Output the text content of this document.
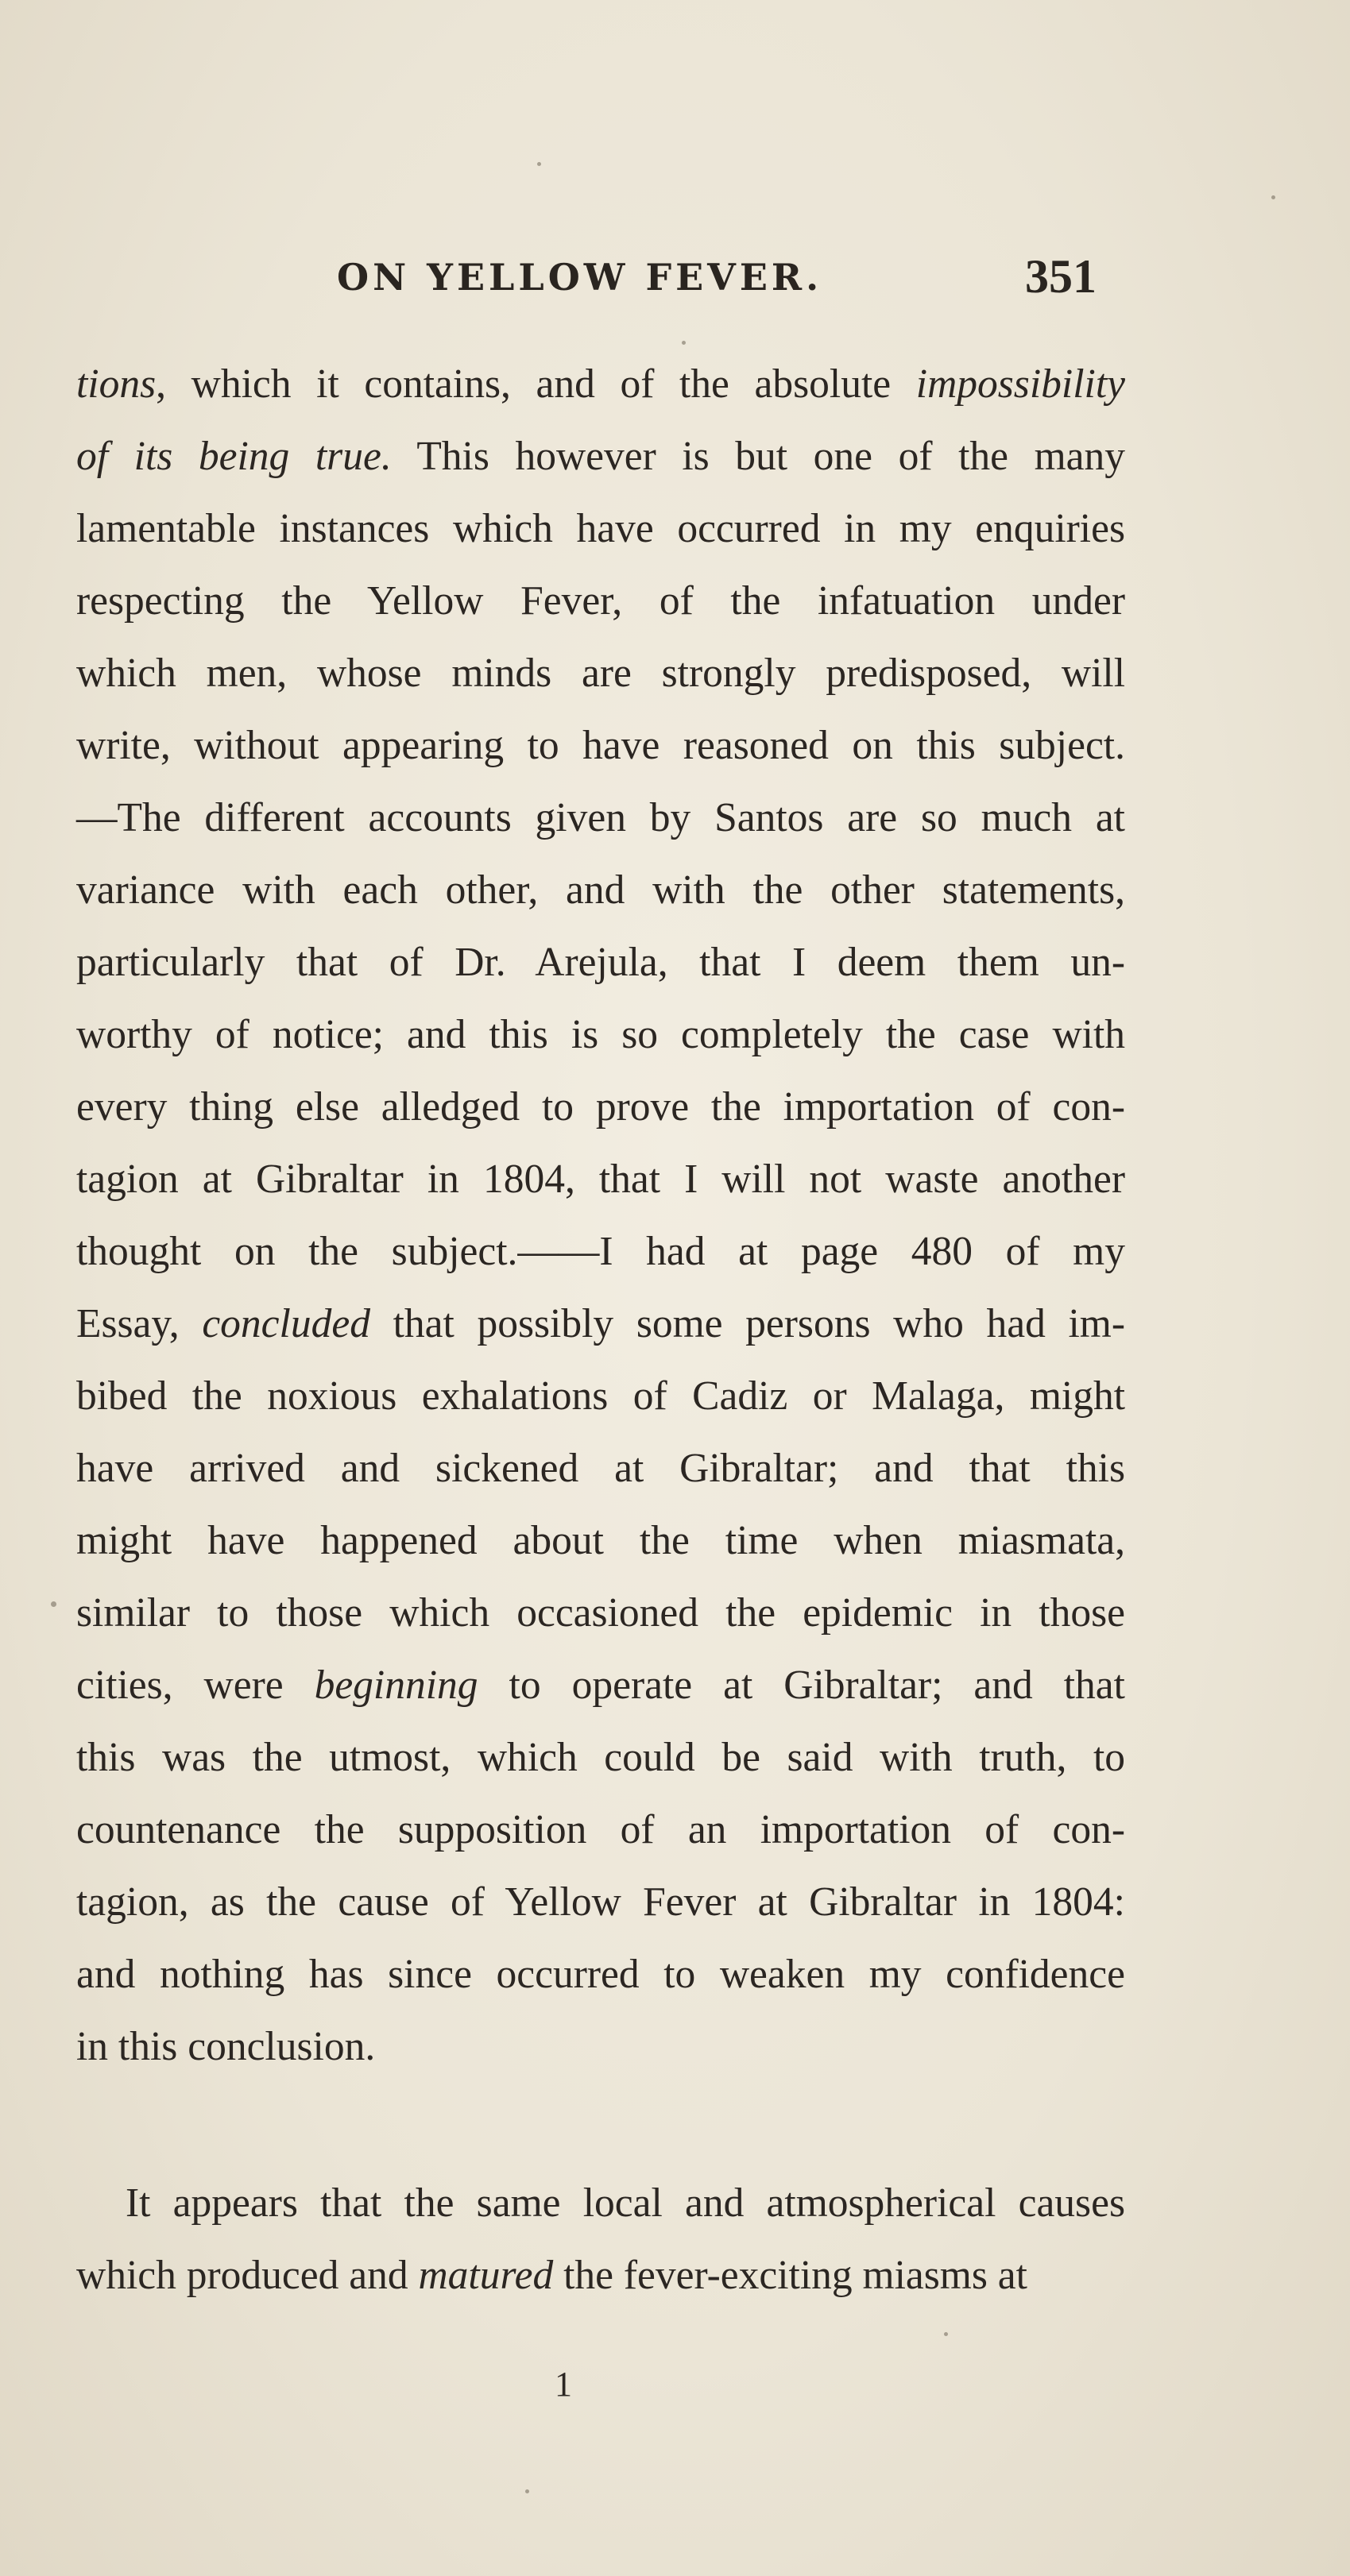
ON YELLOW FEVER.	351
tions, which it contains, and of the absolute impossibility
of its being true. This however is but one of the many
lamentable instances which have occurred in my enquiries
respecting the Yellow Fever, of the infatuation under
which men, whose minds are strongly predisposed, will
write, without appearing to have reasoned on this subject.
—The different accounts given by Santos are so much at
variance with each other, and with the other statements,
particularly that of Dr. Arejula, that I deem them un-
worthy of notice; and this is so completely the case with
every thing else alledged to prove the importation of con-
tagion at Gibraltar in 1804, that I will not waste another
thought on the subject.——I had at page 480 of my
Essay, concluded that possibly some persons who had im-
bibed the noxious exhalations of Cadiz or Malaga, might
have arrived and sickened at Gibraltar; and that this
might have happened about the time when miasmata,
similar to those which occasioned the epidemic in those
cities, were beginning to operate at Gibraltar; and that
this was the utmost, which could be said with truth, to
countenance the supposition of an importation of con-
tagion, as the cause of Yellow Fever at Gibraltar in 1804:
and nothing has since occurred to weaken my confidence
in this conclusion.
It appears that the same local and atmospherical causes
which produced and matured the fever-exciting miasms at
1
